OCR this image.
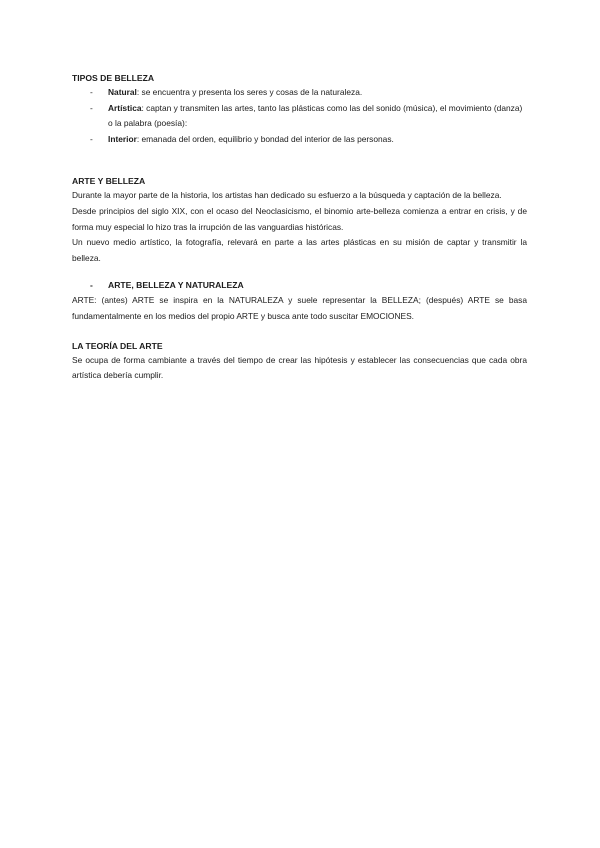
TIPOS DE BELLEZA
- Natural: se encuentra y presenta los seres y cosas de la naturaleza.
- Artística: captan y transmiten las artes, tanto las plásticas como las del sonido (música), el movimiento (danza) o la palabra (poesía):
- Interior: emanada del orden, equilibrio y bondad del interior de las personas.
ARTE Y BELLEZA

Durante la mayor parte de la historia, los artistas han dedicado su esfuerzo a la búsqueda y captación de la belleza.

Desde principios del siglo XIX, con el ocaso del Neoclasicismo, el binomio arte-belleza comienza a entrar en crisis, y de forma muy especial lo hizo tras la irrupción de las vanguardias históricas.

Un nuevo medio artístico, la fotografía, relevará en parte a las artes plásticas en su misión de captar y transmitir la belleza.

- ARTE, BELLEZA Y NATURALEZA

ARTE: (antes) ARTE se inspira en la NATURALEZA y suele representar la BELLEZA; (después) ARTE se basa fundamentalmente en los medios del propio ARTE y busca ante todo suscitar EMOCIONES.

LA TEORÍA DEL ARTE

Se ocupa de forma cambiante a través del tiempo de crear las hipótesis y establecer las consecuencias que cada obra artística debería cumplir.
